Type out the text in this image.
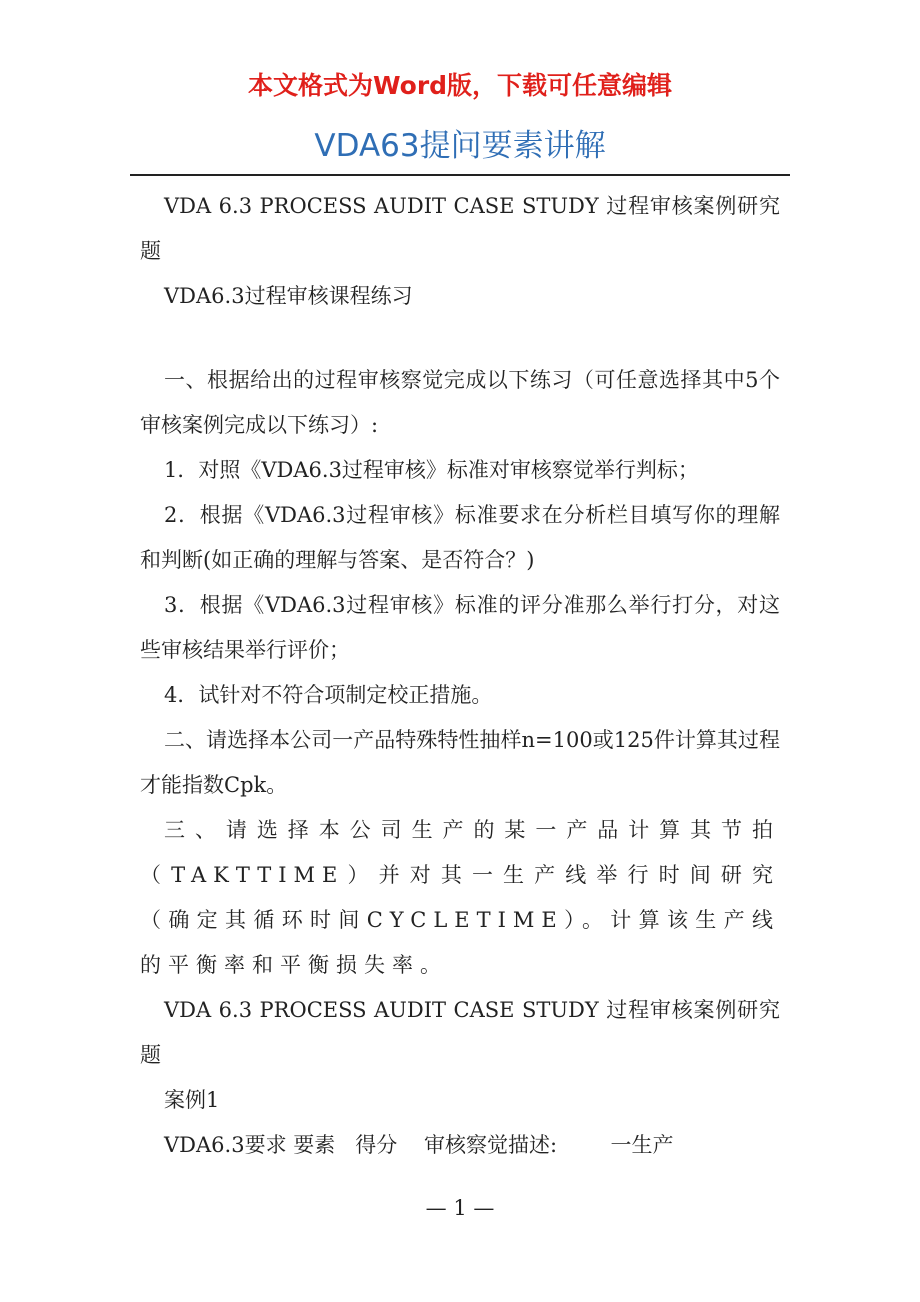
本文格式为Word版，下载可任意编辑
VDA63提问要素讲解

VDA 6.3 PROCESS AUDIT CASE STUDY 过程审核案例研究题

VDA6.3过程审核课程练习

一、根据给出的过程审核察觉完成以下练习（可任意选择其中5个审核案例完成以下练习）:

1．对照《VDA6.3过程审核》标准对审核察觉举行判标；

2．根据《VDA6.3过程审核》标准要求在分析栏目填写你的理解和判断(如正确的理解与答案、是否符合？)

3．根据《VDA6.3过程审核》标准的评分准那么举行打分，对这些审核结果举行评价；

4．试针对不符合项制定校正措施。

二、请选择本公司一产品特殊特性抽样n=100或125件计算其过程才能指数Cpk。

三、请选择本公司生产的某一产品计算其节拍（TAKTTIME）并对其一生产线举行时间研究（确定其循环时间CYCLETIME）。计算该生产线的平衡率和平衡损失率。

VDA 6.3 PROCESS AUDIT CASE STUDY 过程审核案例研究题

案例1

VDA6.3要求 要素   得分    审核察觉描述:        一生产

— 1 —
